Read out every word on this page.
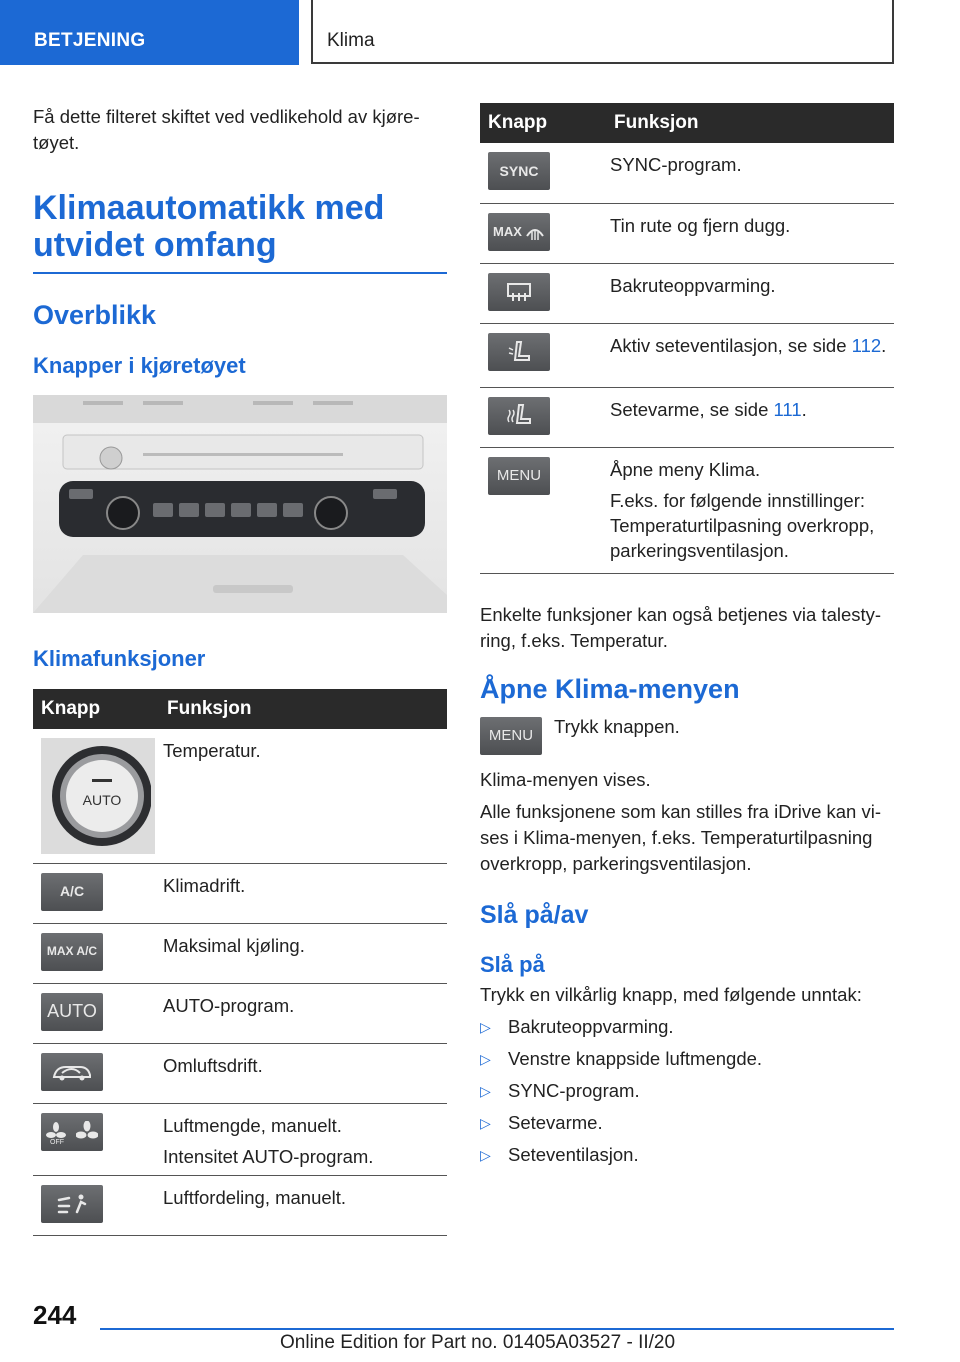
BETJENING	Klima

Få dette filteret skiftet ved vedlikehold av kjøre-tøyet.

Klimaautomatikk med utvidet omfang

Overblikk

Knapper i kjøretøyet

Klimafunksjoner

Knapp	Funksjon

AUTO	Temperatur.

A/C	Klimadrift.

MAX A/C	Maksimal kjøling.

AUTO	AUTO-program.

	Omluftsdrift.

OFF	Luftmengde, manuelt.
Intensitet AUTO-program.

	Luftfordeling, manuelt.
Knapp	Funksjon

SYNC	SYNC-program.

MAX	Tin rute og fjern dugg.

	Bakruteoppvarming.

	Aktiv seteventilasjon, se side 112.

	Setevarme, se side 111.

MENU	Åpne meny Klima.
F.eks. for følgende innstillinger: Temperaturtilpasning overkropp, parkeringsventilasjon.

Enkelte funksjoner kan også betjenes via talesty-ring, f.eks. Temperatur.

Åpne Klima-menyen

MENU	Trykk knappen.

Klima-menyen vises.

Alle funksjonene som kan stilles fra iDrive kan vi-ses i Klima-menyen, f.eks. Temperaturtilpasning overkropp, parkeringsventilasjon.

Slå på/av

Slå på

Trykk en vilkårlig knapp, med følgende unntak:

▷ Bakruteoppvarming.
▷ Venstre knappside luftmengde.
▷ SYNC-program.
▷ Setevarme.
▷ Seteventilasjon.
244
Online Edition for Part no. 01405A03527 - II/20
